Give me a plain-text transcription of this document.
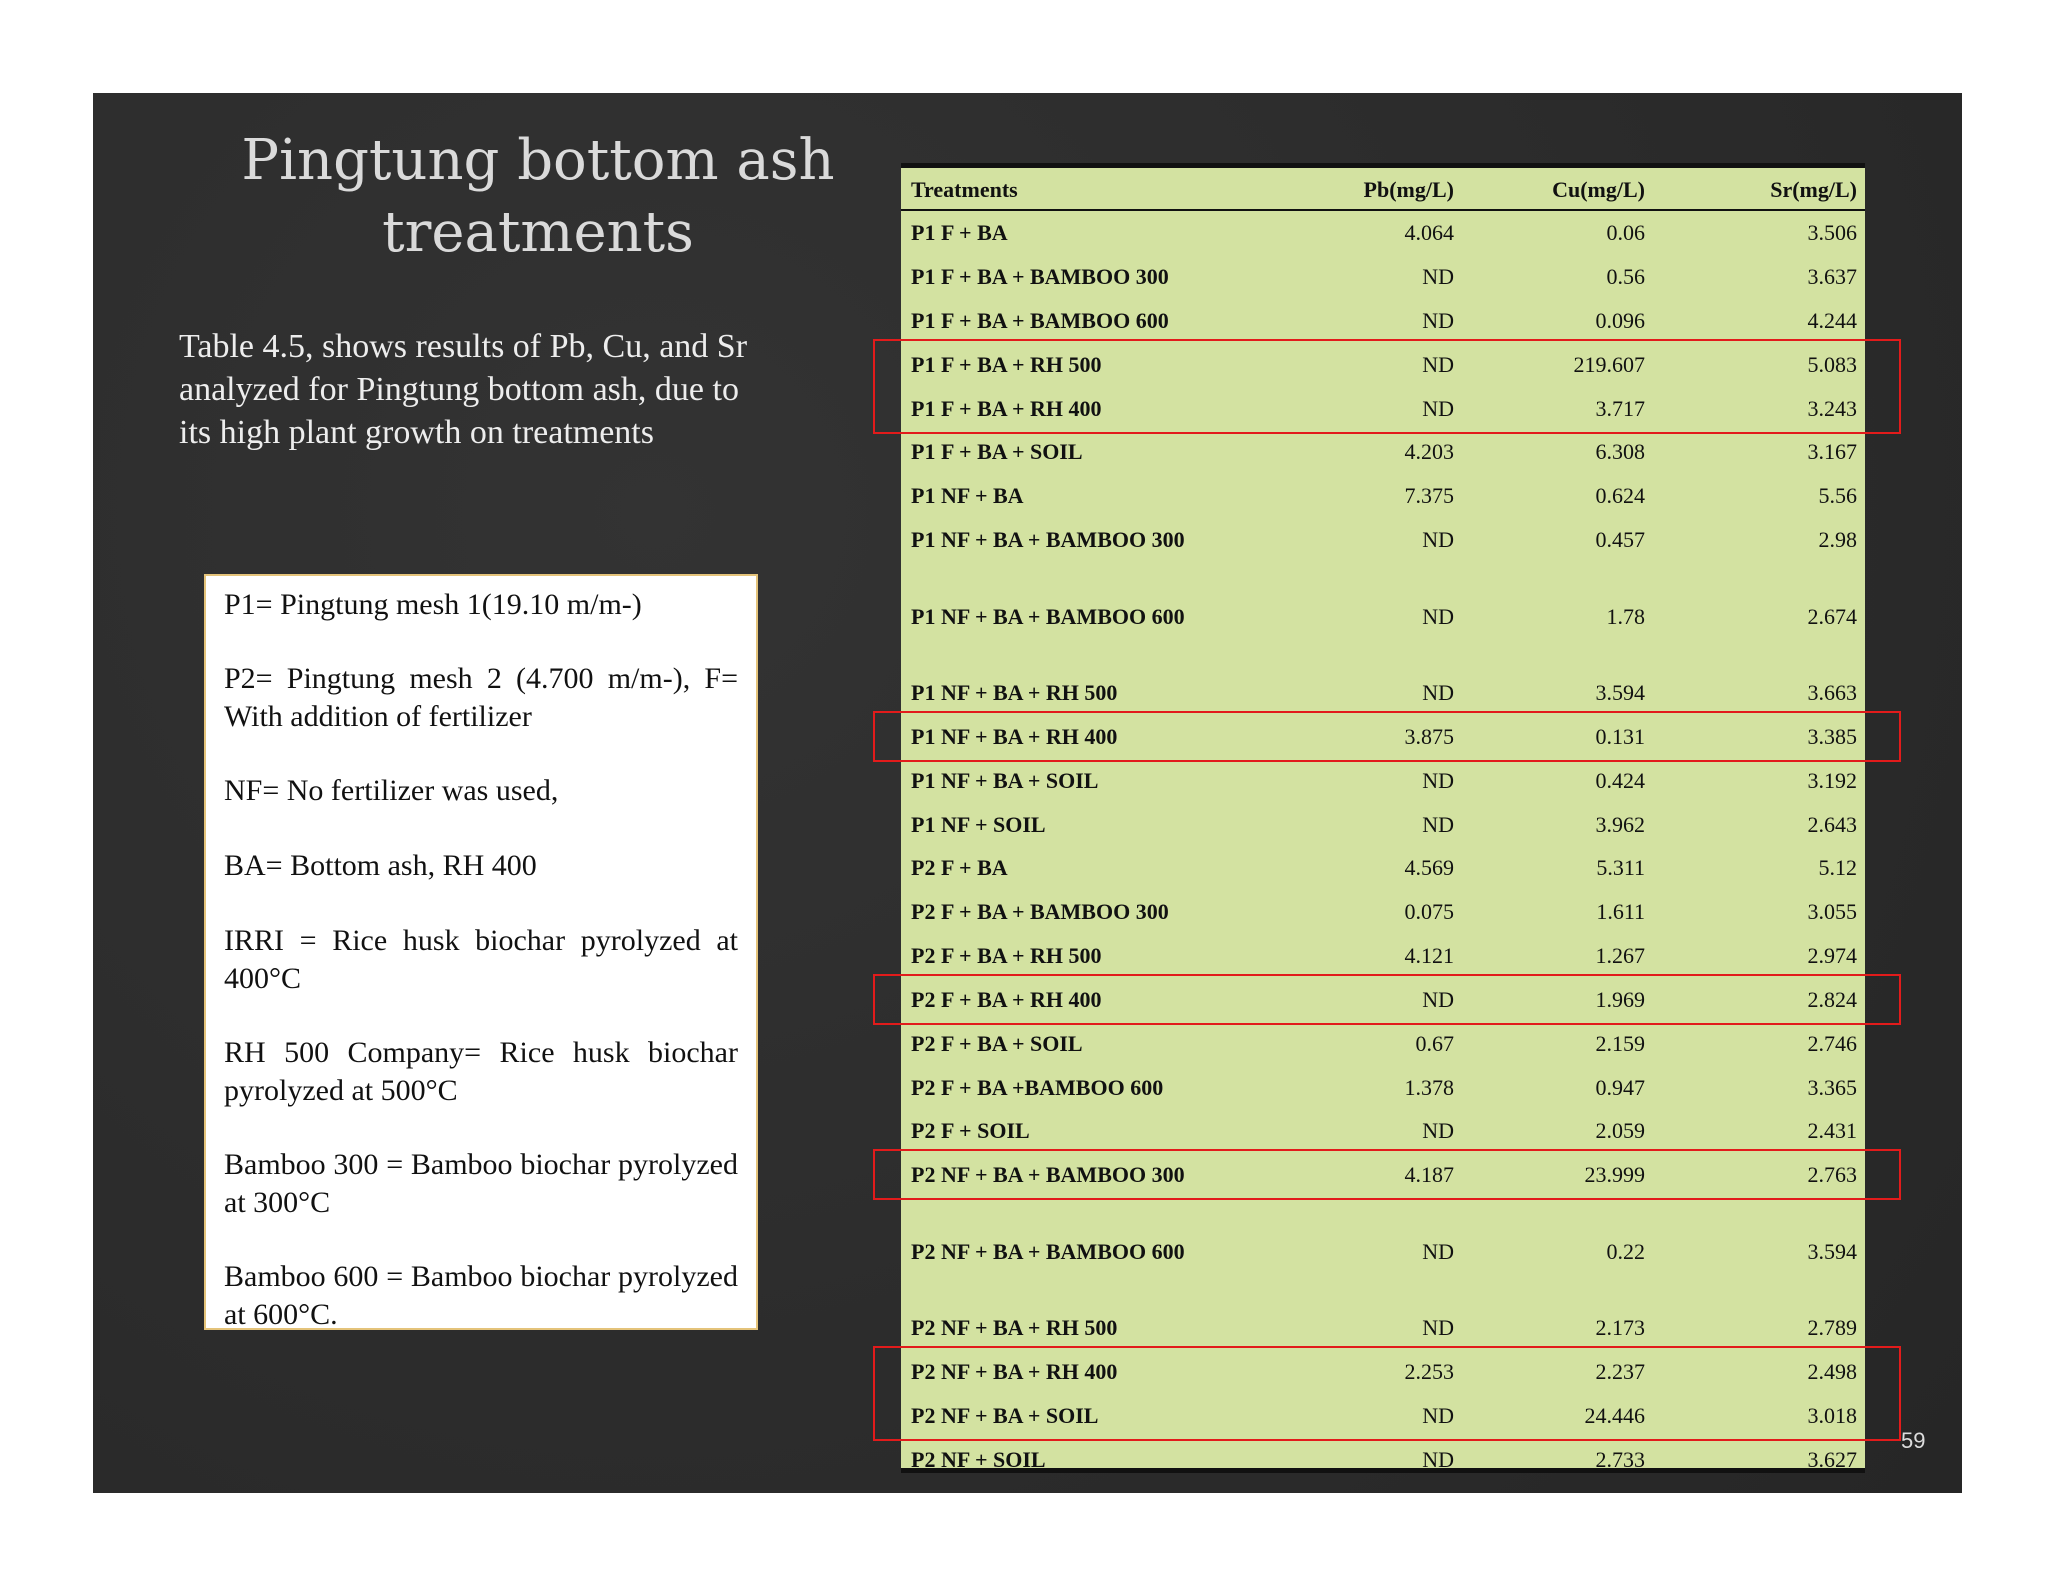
Pingtung bottom ash treatments
Table 4.5, shows results of Pb, Cu, and Sr analyzed for Pingtung bottom ash, due to its high plant growth on treatments

P1= Pingtung mesh 1(19.10 m/m-)

P2= Pingtung mesh 2 (4.700 m/m-), F= With addition of fertilizer

NF= No fertilizer was used,

BA= Bottom ash, RH 400

IRRI = Rice husk biochar pyrolyzed at 400°C

RH 500 Company= Rice husk biochar pyrolyzed at 500°C

Bamboo 300 = Bamboo biochar pyrolyzed at 300°C

Bamboo 600 = Bamboo biochar pyrolyzed at 600°C.

Treatments	Pb(mg/L)	Cu(mg/L)	Sr(mg/L)
P1 F + BA	4.064	0.06	3.506
P1 F + BA + BAMBOO 300	ND	0.56	3.637
P1 F + BA + BAMBOO 600	ND	0.096	4.244
P1 F + BA + RH 500	ND	219.607	5.083
P1 F + BA + RH 400	ND	3.717	3.243
P1 F + BA + SOIL	4.203	6.308	3.167
P1 NF + BA	7.375	0.624	5.56
P1 NF + BA + BAMBOO 300	ND	0.457	2.98
P1 NF + BA + BAMBOO 600	ND	1.78	2.674
P1 NF + BA + RH 500	ND	3.594	3.663
P1 NF + BA + RH 400	3.875	0.131	3.385
P1 NF + BA + SOIL	ND	0.424	3.192
P1 NF + SOIL	ND	3.962	2.643
P2 F + BA	4.569	5.311	5.12
P2 F + BA + BAMBOO 300	0.075	1.611	3.055
P2 F + BA + RH 500	4.121	1.267	2.974
P2 F + BA + RH 400	ND	1.969	2.824
P2 F + BA + SOIL	0.67	2.159	2.746
P2 F + BA +BAMBOO 600	1.378	0.947	3.365
P2 F + SOIL	ND	2.059	2.431
P2 NF + BA + BAMBOO 300	4.187	23.999	2.763
P2 NF + BA + BAMBOO 600	ND	0.22	3.594
P2 NF + BA + RH 500	ND	2.173	2.789
P2 NF + BA + RH 400	2.253	2.237	2.498
P2 NF + BA + SOIL	ND	24.446	3.018
P2 NF + SOIL	ND	2.733	3.627
59
